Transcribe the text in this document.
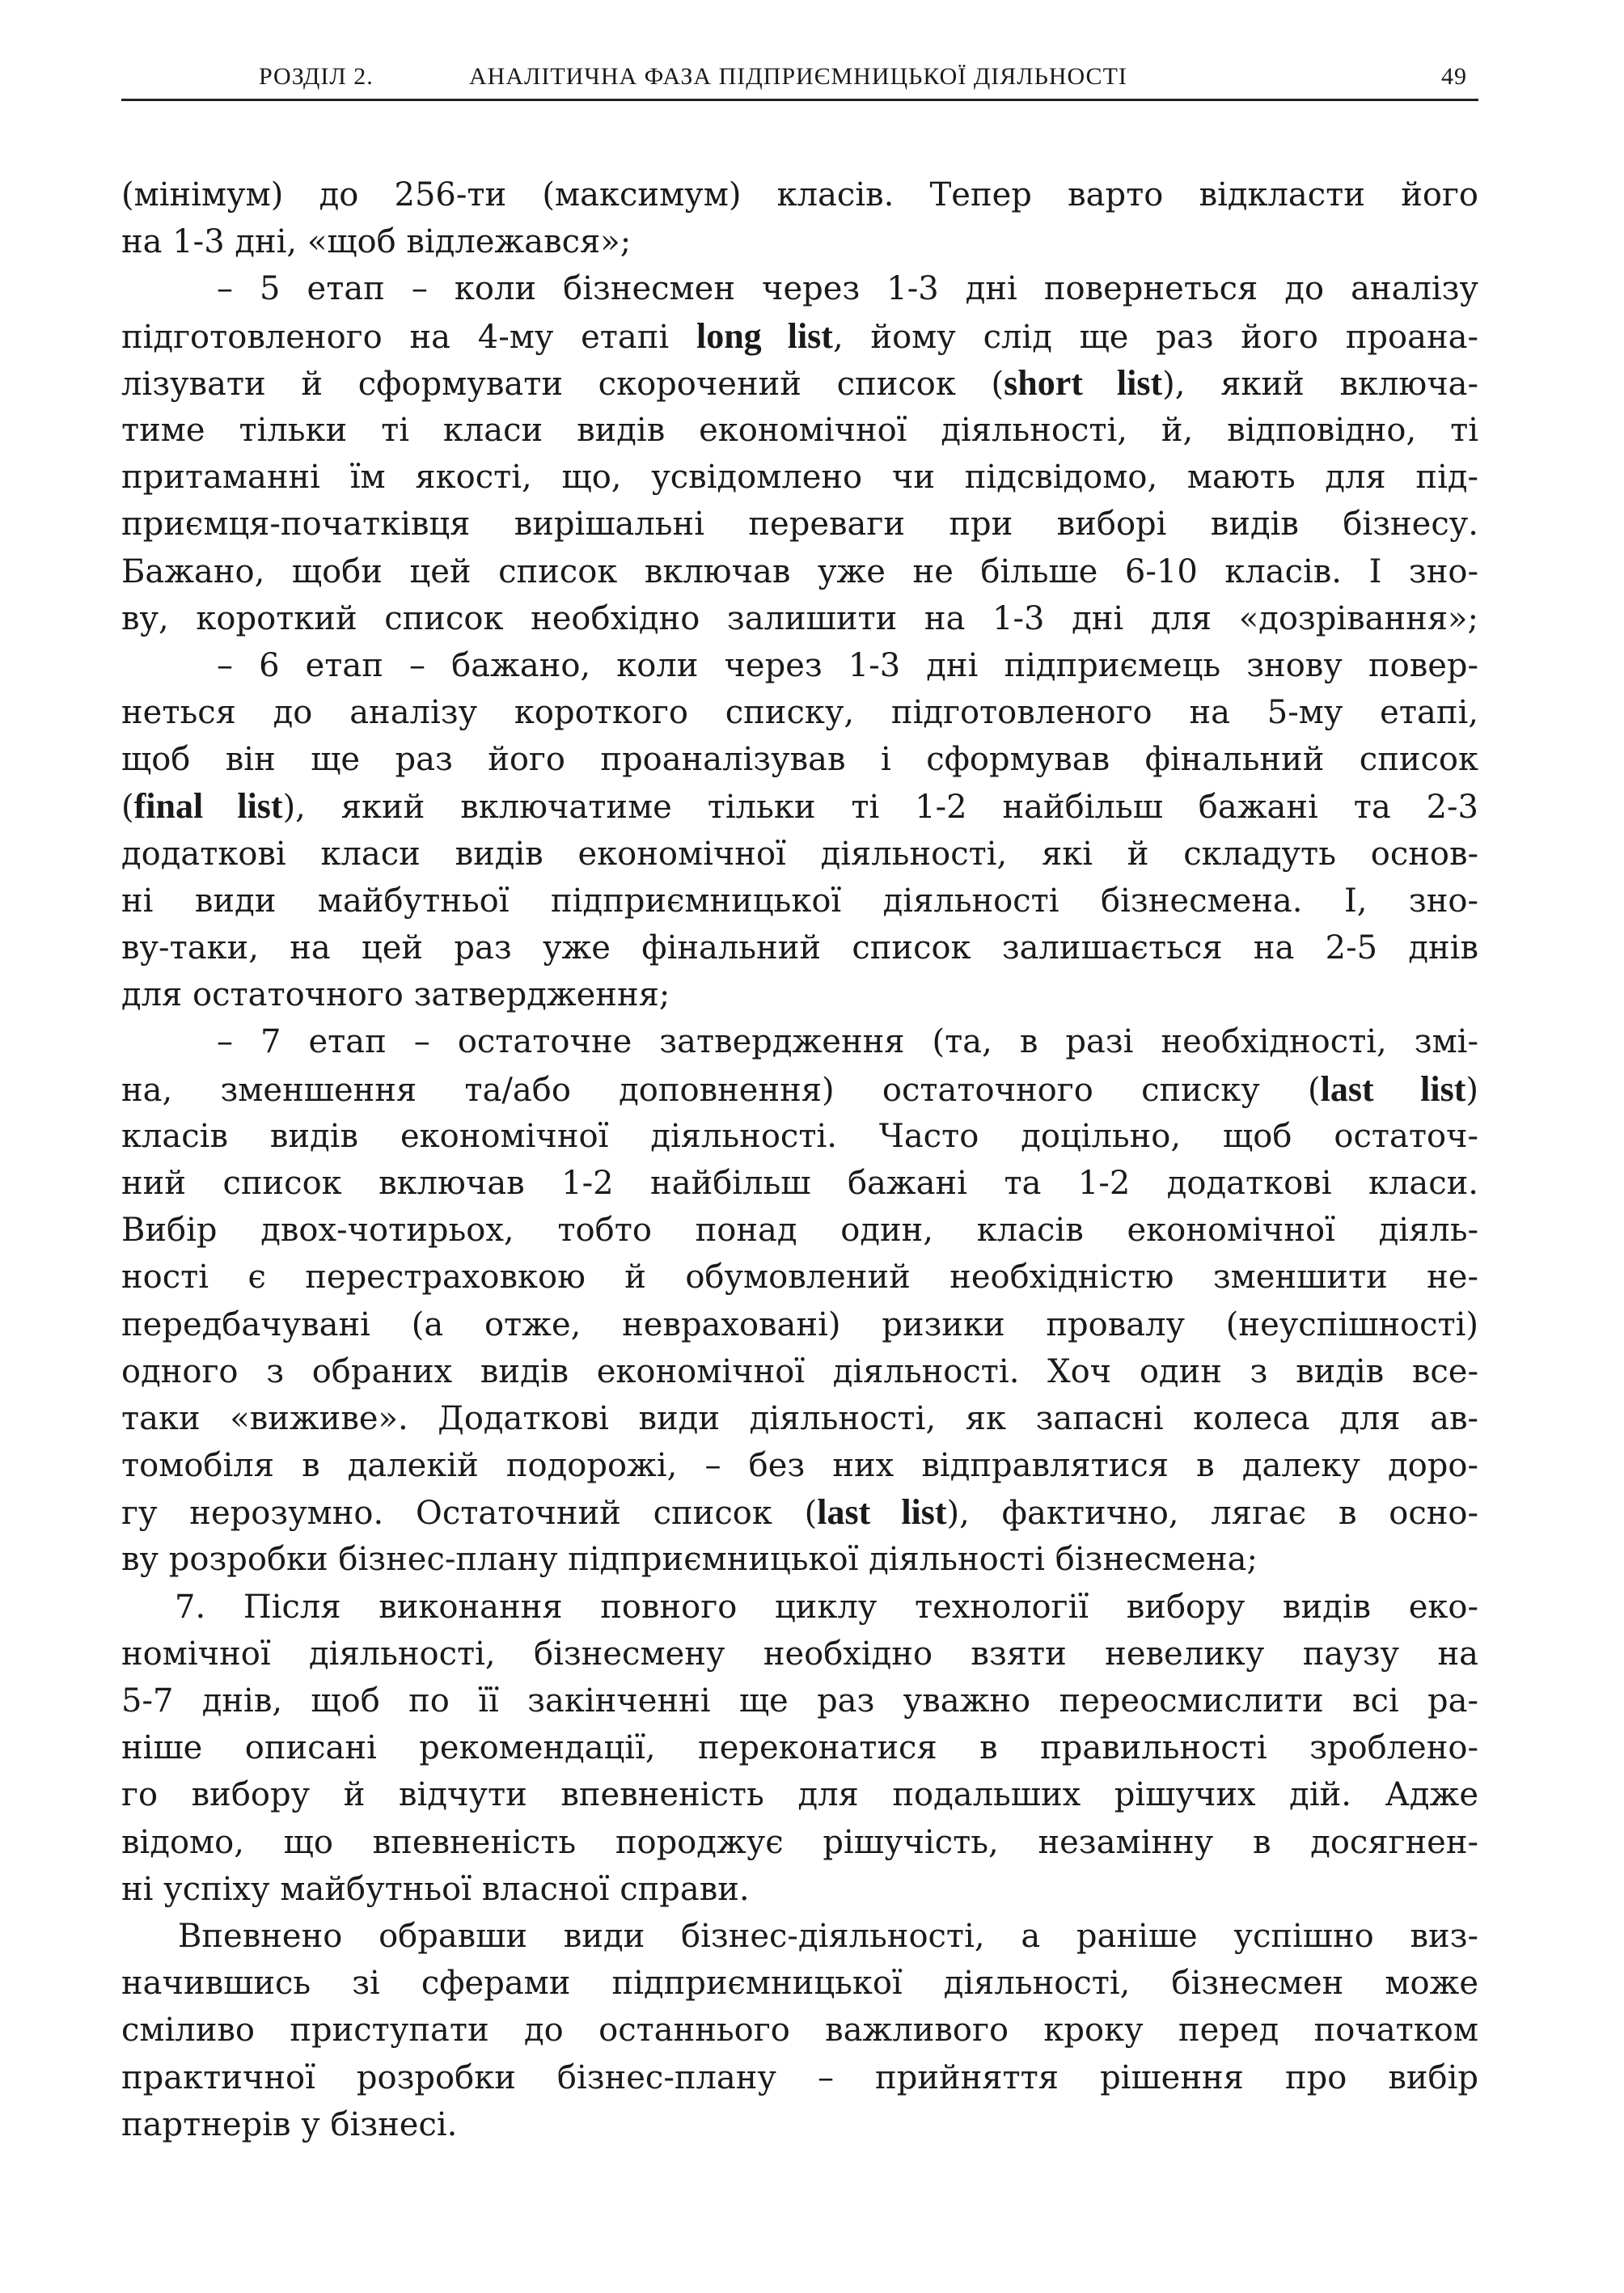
РОЗДІЛ 2.	АНАЛІТИЧНА ФАЗА ПІДПРИЄМНИЦЬКОЇ ДІЯЛЬНОСТІ	49
(мінімум) до 256-ти (максимум) класів. Тепер варто відкласти його
на 1-3 дні, «щоб відлежався»;
– 5 етап – коли бізнесмен через 1-3 дні повернеться до аналізу
підготовленого на 4-му етапі long list, йому слід ще раз його проана-
лізувати й сформувати скорочений список (short list), який включа-
тиме тільки ті класи видів економічної діяльності, й, відповідно, ті
притаманні їм якості, що, усвідомлено чи підсвідомо, мають для під-
приємця-початківця вирішальні переваги при виборі видів бізнесу.
Бажано, щоби цей список включав уже не більше 6-10 класів. І зно-
ву, короткий список необхідно залишити на 1-3 дні для «дозрівання»;
– 6 етап – бажано, коли через 1-3 дні підприємець знову повер-
неться до аналізу короткого списку, підготовленого на 5-му етапі,
щоб він ще раз його проаналізував і сформував фінальний список
(final list), який включатиме тільки ті 1-2 найбільш бажані та 2-3
додаткові класи видів економічної діяльності, які й складуть основ-
ні види майбутньої підприємницької діяльності бізнесмена. І, зно-
ву-таки, на цей раз уже фінальний список залишається на 2-5 днів
для остаточного затвердження;
– 7 етап – остаточне затвердження (та, в разі необхідності, змі-
на, зменшення та/або доповнення) остаточного списку (last list)
класів видів економічної діяльності. Часто доцільно, щоб остаточ-
ний список включав 1-2 найбільш бажані та 1-2 додаткові класи.
Вибір двох-чотирьох, тобто понад один, класів економічної діяль-
ності є перестраховкою й обумовлений необхідністю зменшити не-
передбачувані (а отже, невраховані) ризики провалу (неуспішності)
одного з обраних видів економічної діяльності. Хоч один з видів все-
таки «виживе». Додаткові види діяльності, як запасні колеса для ав-
томобіля в далекій подорожі, – без них відправлятися в далеку доро-
гу нерозумно. Остаточний список (last list), фактично, лягає в осно-
ву розробки бізнес-плану підприємницької діяльності бізнесмена;
7. Після виконання повного циклу технології вибору видів еко-
номічної діяльності, бізнесмену необхідно взяти невелику паузу на
5-7 днів, щоб по її закінченні ще раз уважно переосмислити всі ра-
ніше описані рекомендації, переконатися в правильності зроблено-
го вибору й відчути впевненість для подальших рішучих дій. Адже
відомо, що впевненість породжує рішучість, незамінну в досягнен-
ні успіху майбутньої власної справи.
Впевнено обравши види бізнес-діяльності, а раніше успішно виз-
начившись зі сферами підприємницької діяльності, бізнесмен може
сміливо приступати до останнього важливого кроку перед початком
практичної розробки бізнес-плану – прийняття рішення про вибір
партнерів у бізнесі.
